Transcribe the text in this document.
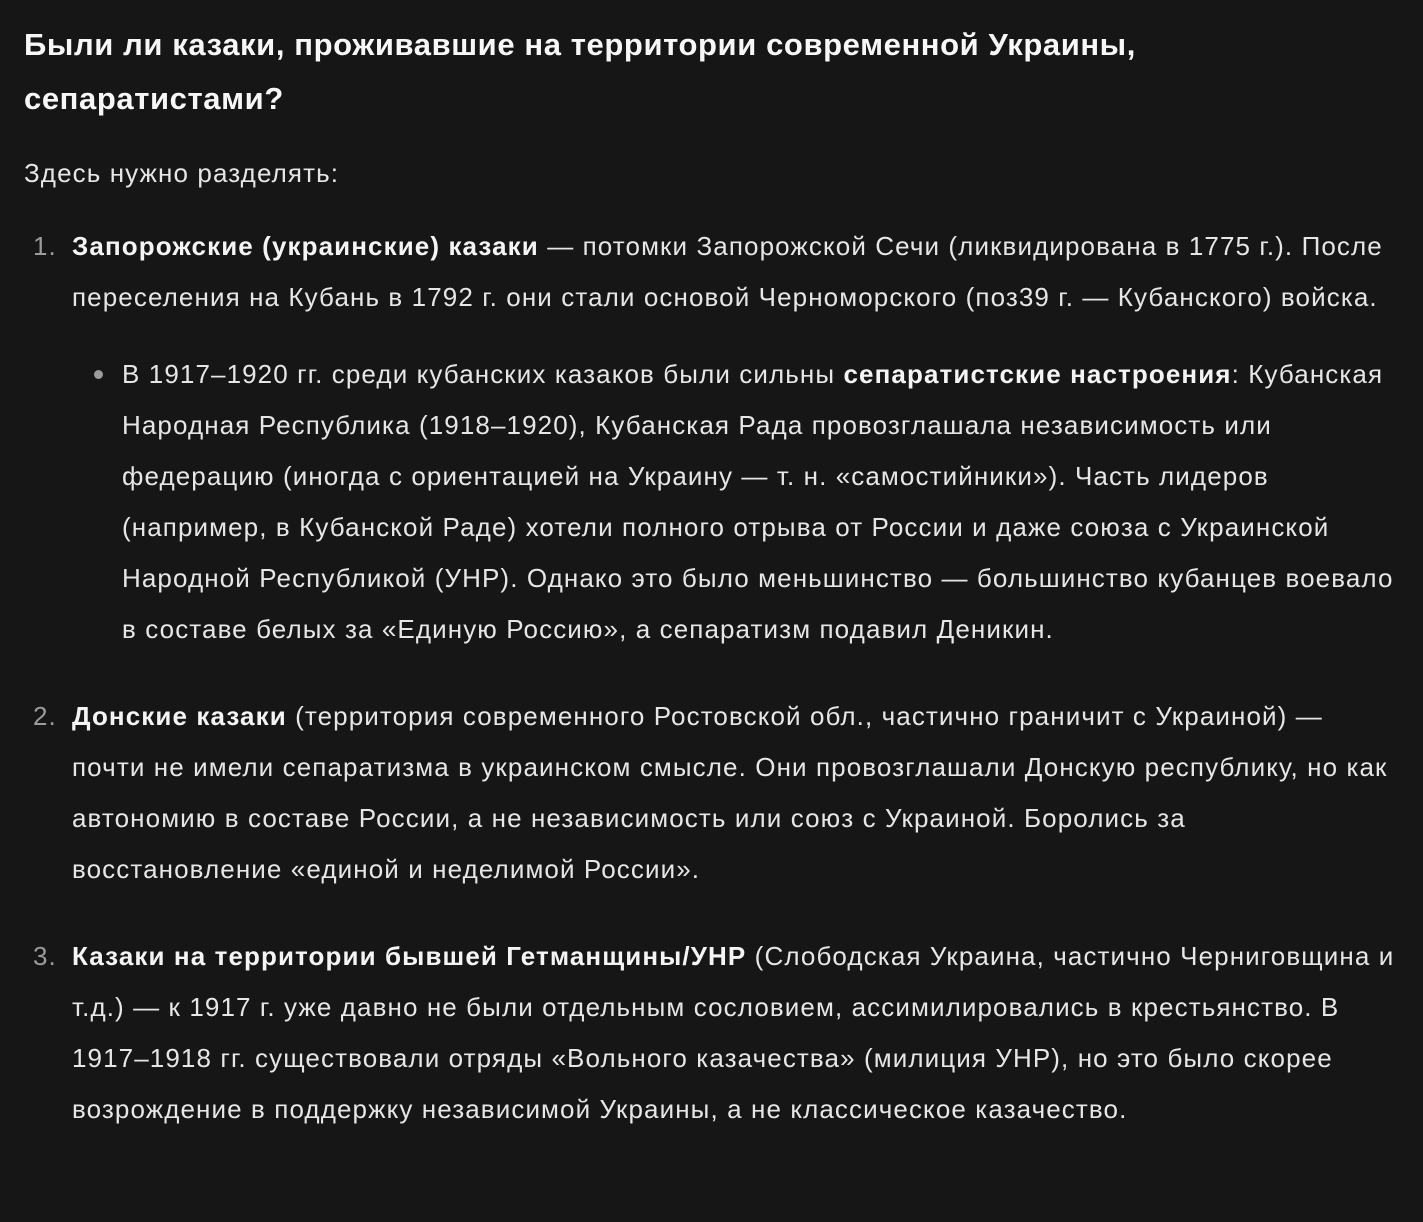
Были ли казаки, проживавшие на территории современной Украины, сепаратистами?

Здесь нужно разделять:

1. Запорожские (украинские) казаки — потомки Запорожской Сечи (ликвидирована в 1775 г.). После переселения на Кубань в 1792 г. они стали основой Черноморского (поз39 г. — Кубанского) войска.
В 1917–1920 гг. среди кубанских казаков были сильны сепаратистские настроения: Кубанская Народная Республика (1918–1920), Кубанская Рада провозглашала независимость или федерацию (иногда с ориентацией на Украину — т. н. «самостийники»). Часть лидеров (например, в Кубанской Раде) хотели полного отрыва от России и даже союза с Украинской Народной Республикой (УНР). Однако это было меньшинство — большинство кубанцев воевало в составе белых за «Единую Россию», а сепаратизм подавил Деникин.
2. Донские казаки (территория современного Ростовской обл., частично граничит с Украиной) — почти не имели сепаратизма в украинском смысле. Они провозглашали Донскую республику, но как автономию в составе России, а не независимость или союз с Украиной. Боролись за восстановление «единой и неделимой России».
3. Казаки на территории бывшей Гетманщины/УНР (Слободская Украина, частично Черниговщина и т.д.) — к 1917 г. уже давно не были отдельным сословием, ассимилировались в крестьянство. В 1917–1918 гг. существовали отряды «Вольного казачества» (милиция УНР), но это было скорее возрождение в поддержку независимой Украины, а не классическое казачество.
